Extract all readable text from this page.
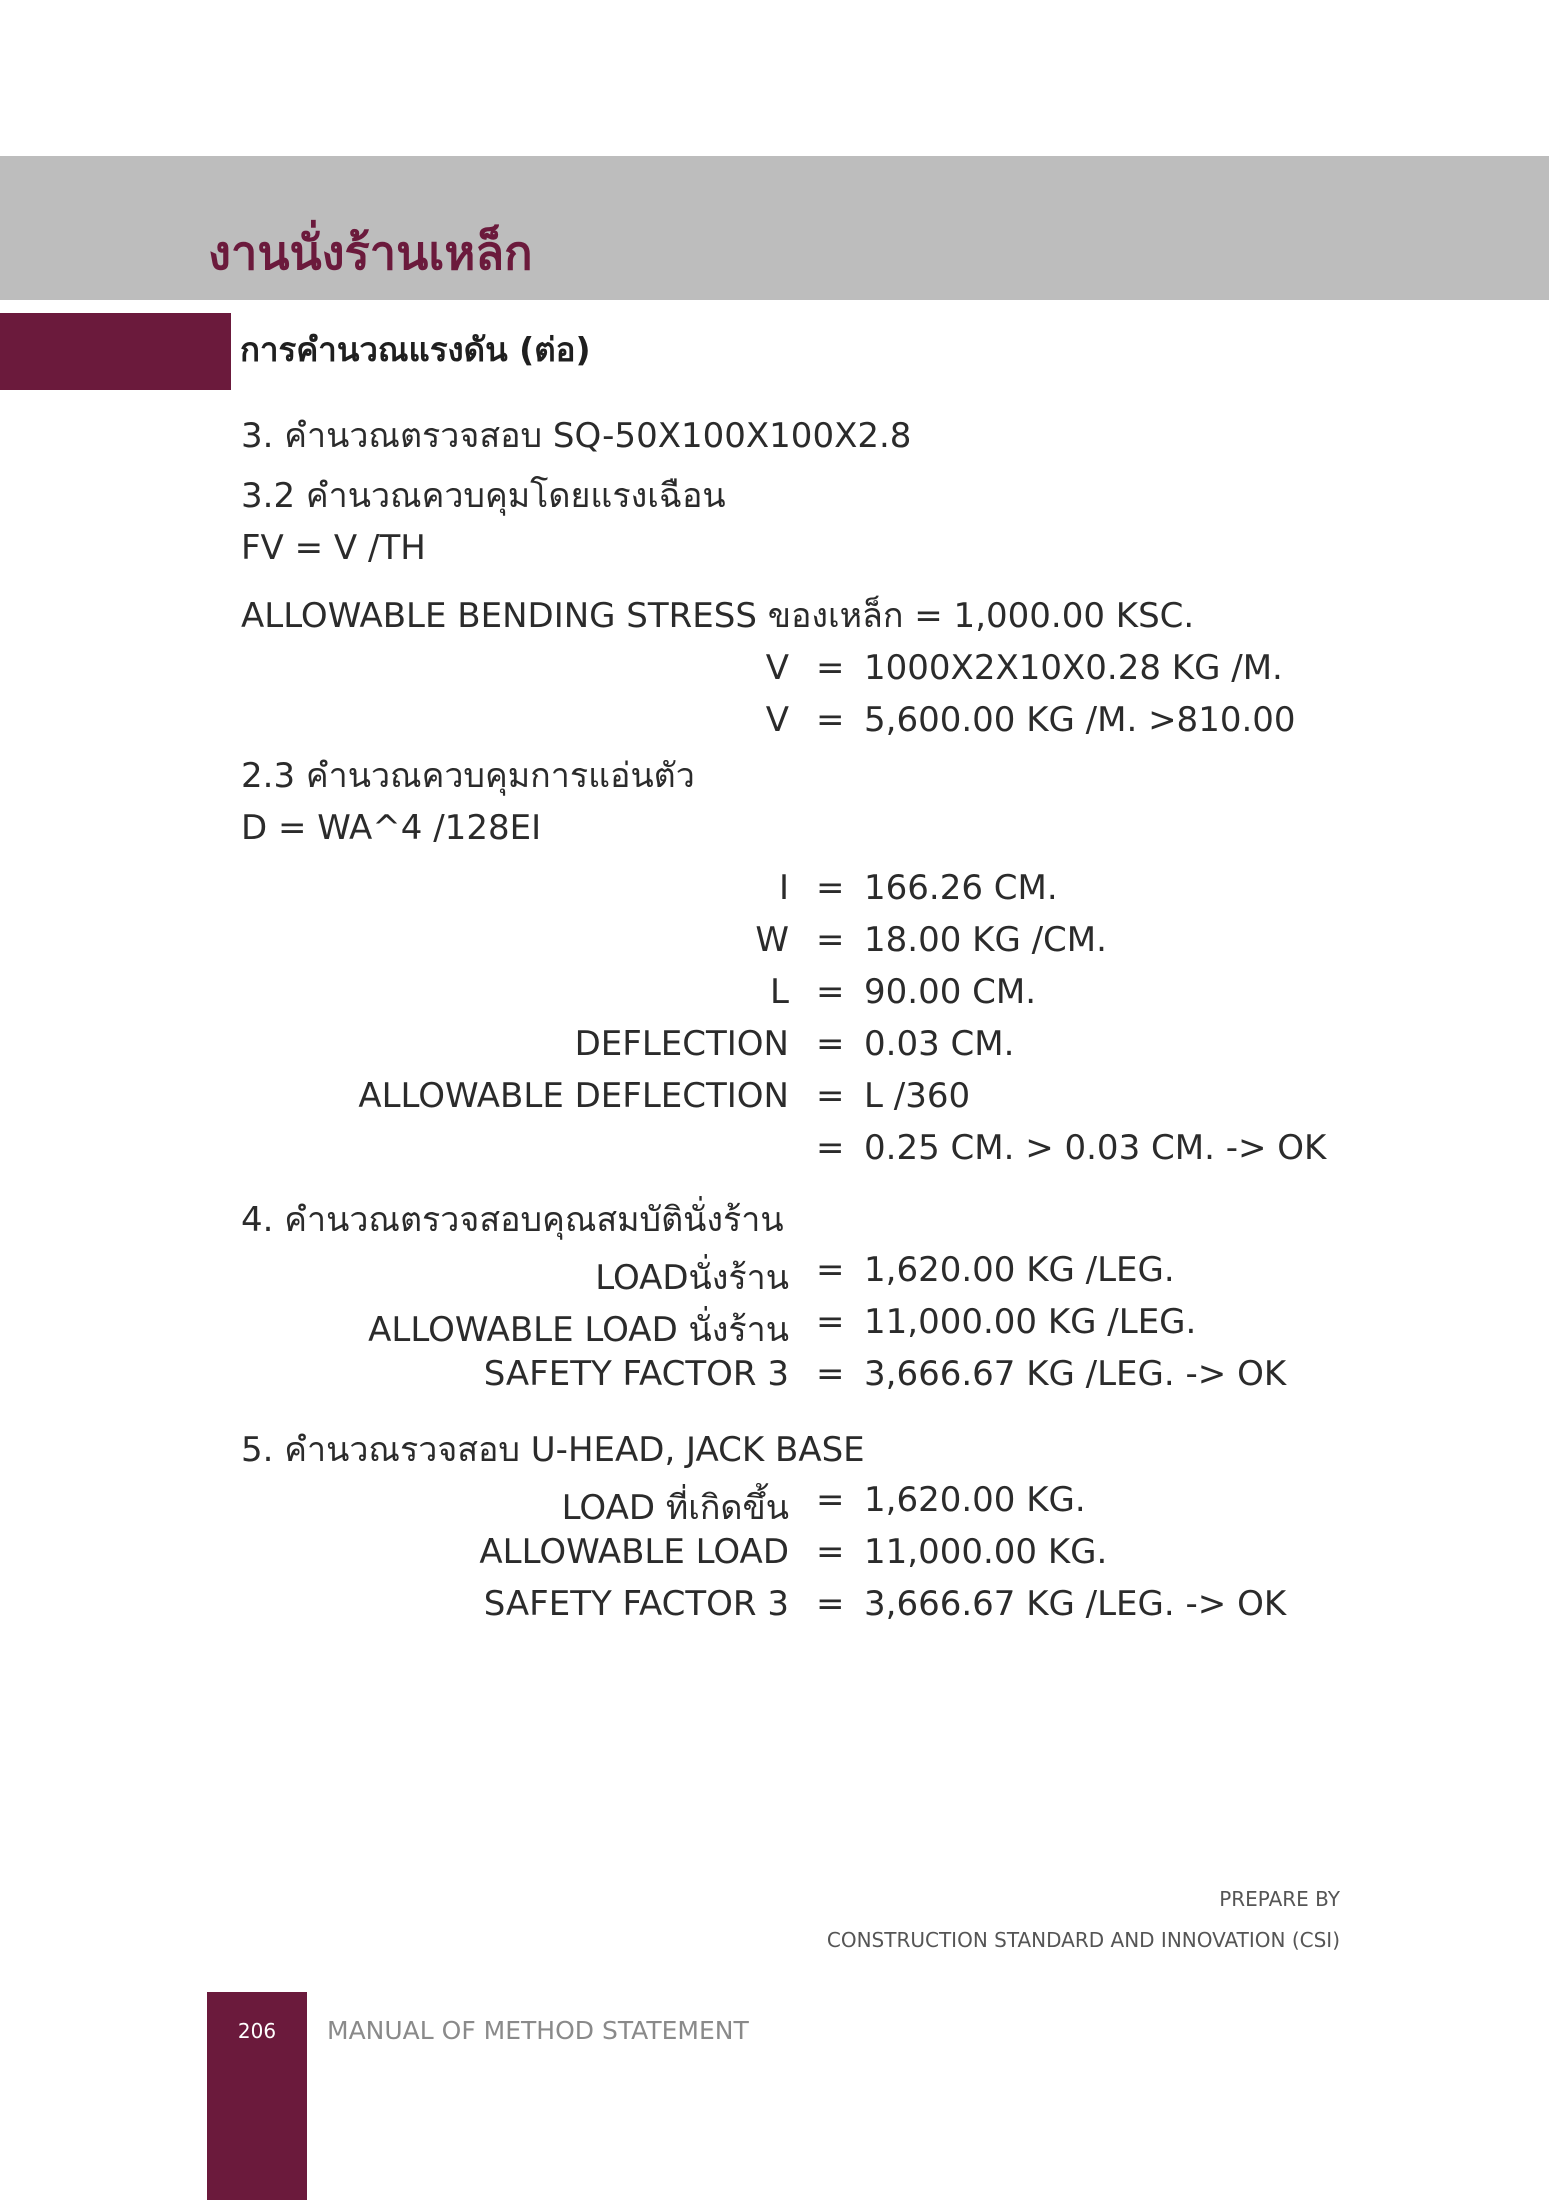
งานนั่งร้านเหล็ก
การคำนวณแรงดัน (ต่อ)
3. คำนวณตรวจสอบ SQ-50X100X100X2.8
3.2 คำนวณควบคุมโดยแรงเฉือน
FV = V /TH
ALLOWABLE BENDING STRESS ของเหล็ก = 1,000.00 KSC.
V = 1000X2X10X0.28 KG /M.
V = 5,600.00 KG /M. >810.00
2.3 คำนวณควบคุมการแอ่นตัว
D = WA^4 /128EI
I = 166.26 CM.
W = 18.00 KG /CM.
L = 90.00 CM.
DEFLECTION = 0.03 CM.
ALLOWABLE DEFLECTION = L /360
= 0.25 CM. > 0.03 CM. -> OK
4. คำนวณตรวจสอบคุณสมบัตินั่งร้าน
LOADนั่งร้าน = 1,620.00 KG /LEG.
ALLOWABLE LOAD นั่งร้าน = 11,000.00 KG /LEG.
SAFETY FACTOR 3 = 3,666.67 KG /LEG. -> OK
5. คำนวณรวจสอบ U-HEAD, JACK BASE
LOAD ที่เกิดขึ้น = 1,620.00 KG.
ALLOWABLE LOAD = 11,000.00 KG.
SAFETY FACTOR 3 = 3,666.67 KG /LEG. -> OK
PREPARE BY
CONSTRUCTION STANDARD AND INNOVATION (CSI)
206	MANUAL OF METHOD STATEMENT
